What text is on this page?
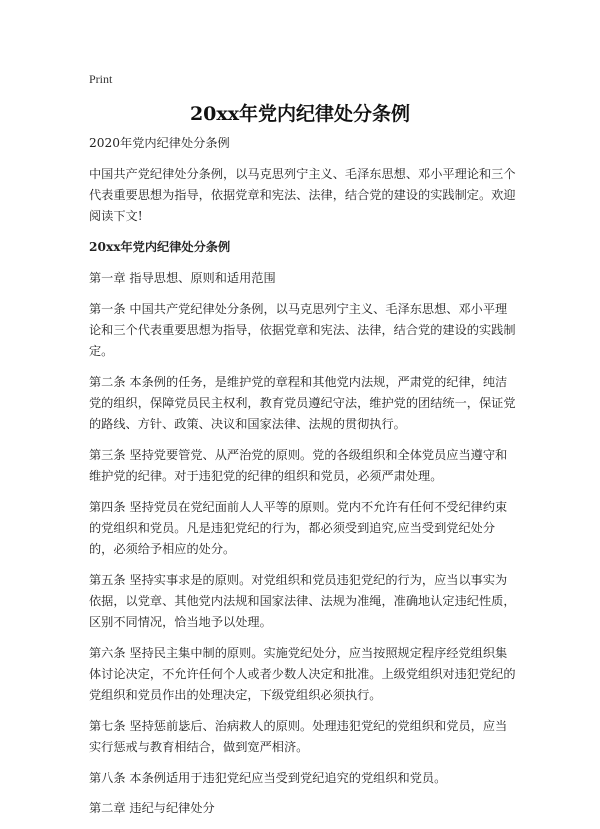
Print
20xx年党内纪律处分条例

2020年党内纪律处分条例

中国共产党纪律处分条例，以马克思列宁主义、毛泽东思想、邓小平理论和三个代表重要思想为指导，依据党章和宪法、法律，结合党的建设的实践制定。欢迎阅读下文!

20xx年党内纪律处分条例

第一章 指导思想、原则和适用范围

第一条 中国共产党纪律处分条例，以马克思列宁主义、毛泽东思想、邓小平理论和三个代表重要思想为指导，依据党章和宪法、法律，结合党的建设的实践制定。

第二条 本条例的任务，是维护党的章程和其他党内法规，严肃党的纪律，纯洁党的组织，保障党员民主权利，教育党员遵纪守法，维护党的团结统一，保证党的路线、方针、政策、决议和国家法律、法规的贯彻执行。

第三条 坚持党要管党、从严治党的原则。党的各级组织和全体党员应当遵守和维护党的纪律。对于违犯党的纪律的组织和党员，必须严肃处理。

第四条 坚持党员在党纪面前人人平等的原则。党内不允许有任何不受纪律约束的党组织和党员。凡是违犯党纪的行为，都必须受到追究,应当受到党纪处分的，必须给予相应的处分。

第五条 坚持实事求是的原则。对党组织和党员违犯党纪的行为，应当以事实为依据，以党章、其他党内法规和国家法律、法规为准绳，准确地认定违纪性质，区别不同情况，恰当地予以处理。

第六条 坚持民主集中制的原则。实施党纪处分，应当按照规定程序经党组织集体讨论决定，不允许任何个人或者少数人决定和批准。上级党组织对违犯党纪的党组织和党员作出的处理决定，下级党组织必须执行。

第七条 坚持惩前毖后、治病救人的原则。处理违犯党纪的党组织和党员，应当实行惩戒与教育相结合，做到宽严相济。

第八条 本条例适用于违犯党纪应当受到党纪追究的党组织和党员。

第二章 违纪与纪律处分
